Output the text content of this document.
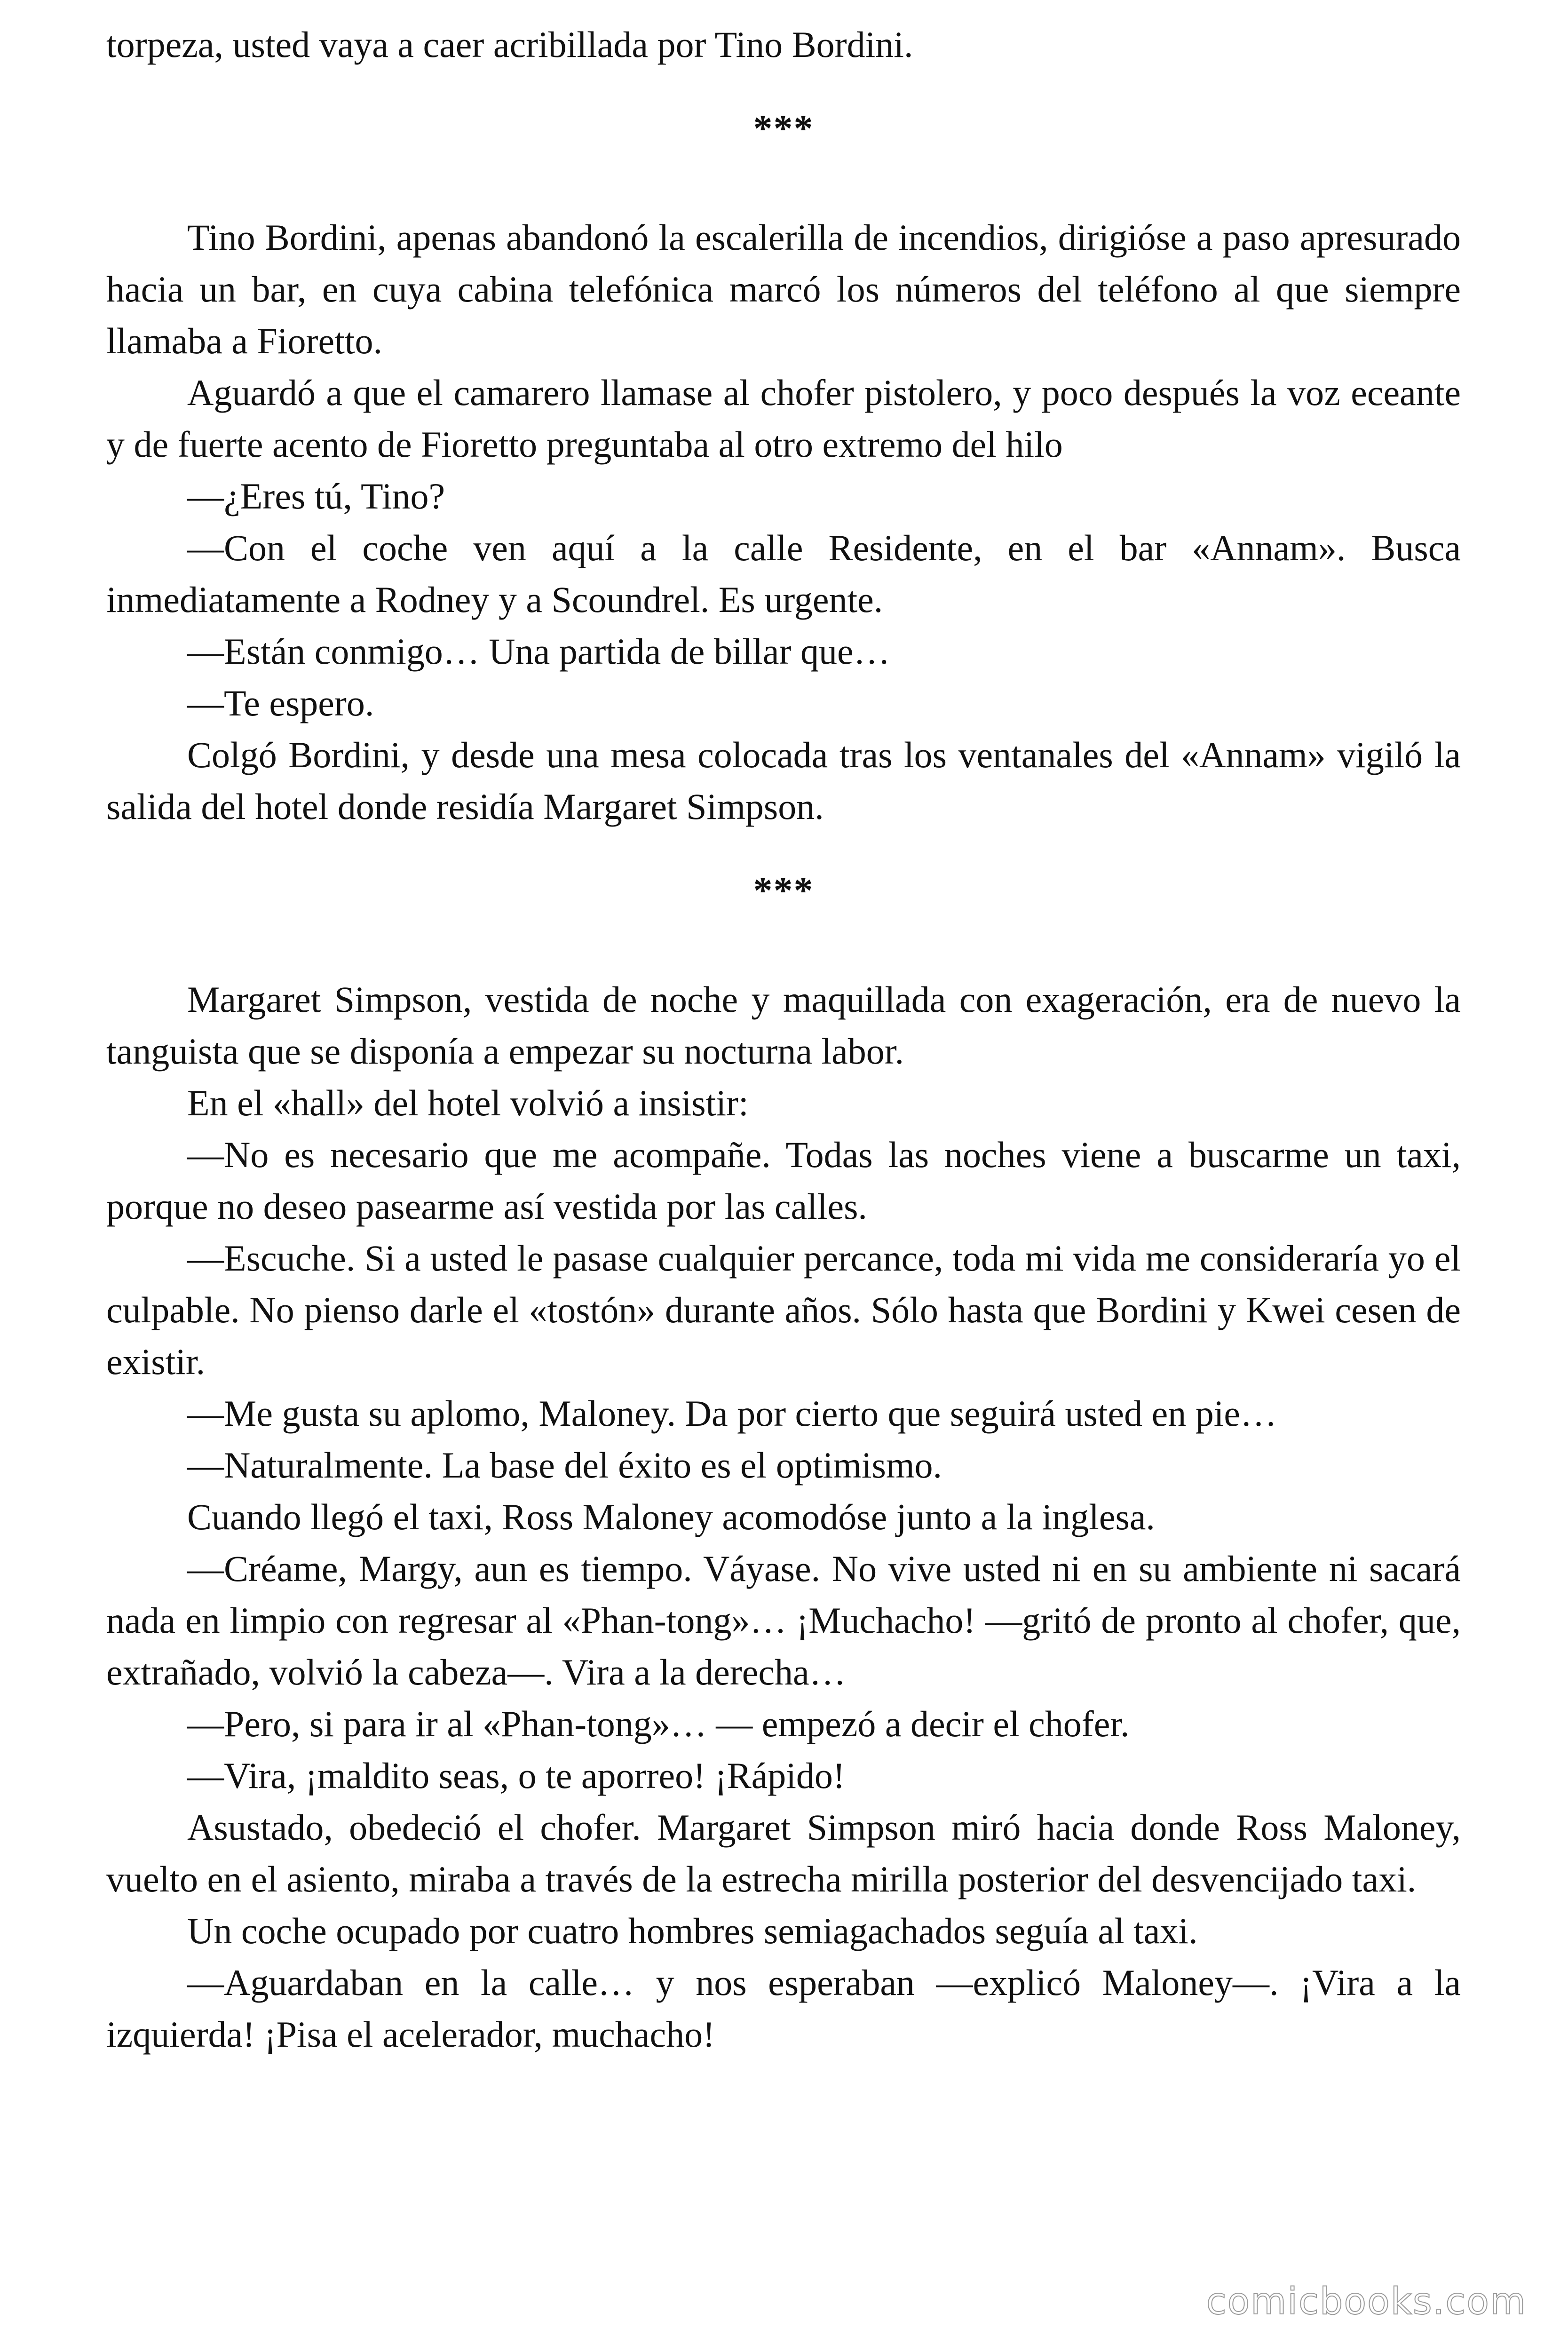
torpeza, usted vaya a caer acribillada por Tino Bordini.

***

Tino Bordini, apenas abandonó la escalerilla de incendios, dirigióse a paso apresurado hacia un bar, en cuya cabina telefónica marcó los números del teléfono al que siempre llamaba a Fioretto.

Aguardó a que el camarero llamase al chofer pistolero, y poco después la voz eceante y de fuerte acento de Fioretto preguntaba al otro extremo del hilo

—¿Eres tú, Tino?

—Con el coche ven aquí a la calle Residente, en el bar «Annam». Busca inmediatamente a Rodney y a Scoundrel. Es urgente.

—Están conmigo… Una partida de billar que…

—Te espero.

Colgó Bordini, y desde una mesa colocada tras los ventanales del «Annam» vigiló la salida del hotel donde residía Margaret Simpson.

***

Margaret Simpson, vestida de noche y maquillada con exageración, era de nuevo la tanguista que se disponía a empezar su nocturna labor.

En el «hall» del hotel volvió a insistir:

—No es necesario que me acompañe. Todas las noches viene a buscarme un taxi, porque no deseo pasearme así vestida por las calles.

—Escuche. Si a usted le pasase cualquier percance, toda mi vida me consideraría yo el culpable. No pienso darle el «tostón» durante años. Sólo hasta que Bordini y Kwei cesen de existir.

—Me gusta su aplomo, Maloney. Da por cierto que seguirá usted en pie…

—Naturalmente. La base del éxito es el optimismo.

Cuando llegó el taxi, Ross Maloney acomodóse junto a la inglesa.

—Créame, Margy, aun es tiempo. Váyase. No vive usted ni en su ambiente ni sacará nada en limpio con regresar al «Phan-tong»… ¡Muchacho! —gritó de pronto al chofer, que, extrañado, volvió la cabeza—. Vira a la derecha…

—Pero, si para ir al «Phan-tong»… — empezó a decir el chofer.

—Vira, ¡maldito seas, o te aporreo! ¡Rápido!

Asustado, obedeció el chofer. Margaret Simpson miró hacia donde Ross Maloney, vuelto en el asiento, miraba a través de la estrecha mirilla posterior del desvencijado taxi.

Un coche ocupado por cuatro hombres semiagachados seguía al taxi.

—Aguardaban en la calle… y nos esperaban —explicó Maloney—. ¡Vira a la izquierda! ¡Pisa el acelerador, muchacho!

comicbooks.com
